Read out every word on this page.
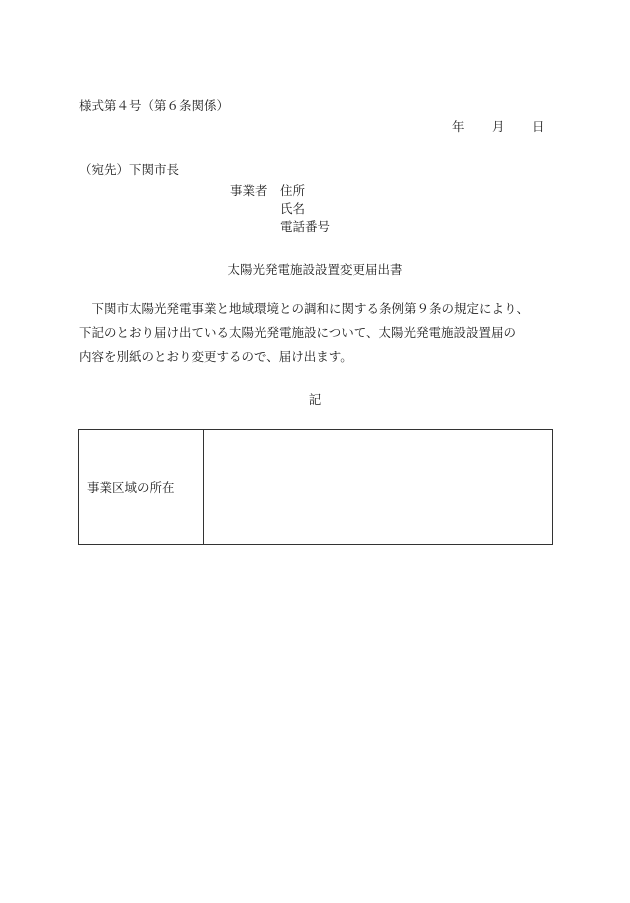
様式第４号（第６条関係）
年 月 日
（宛先）下関市長
事業者 住所
氏名
電話番号
太陽光発電施設設置変更届出書

　下関市太陽光発電事業と地域環境との調和に関する条例第９条の規定により、

下記のとおり届け出ている太陽光発電施設について、太陽光発電施設設置届の

内容を別紙のとおり変更するので、届け出ます。

記
事業区域の所在	
